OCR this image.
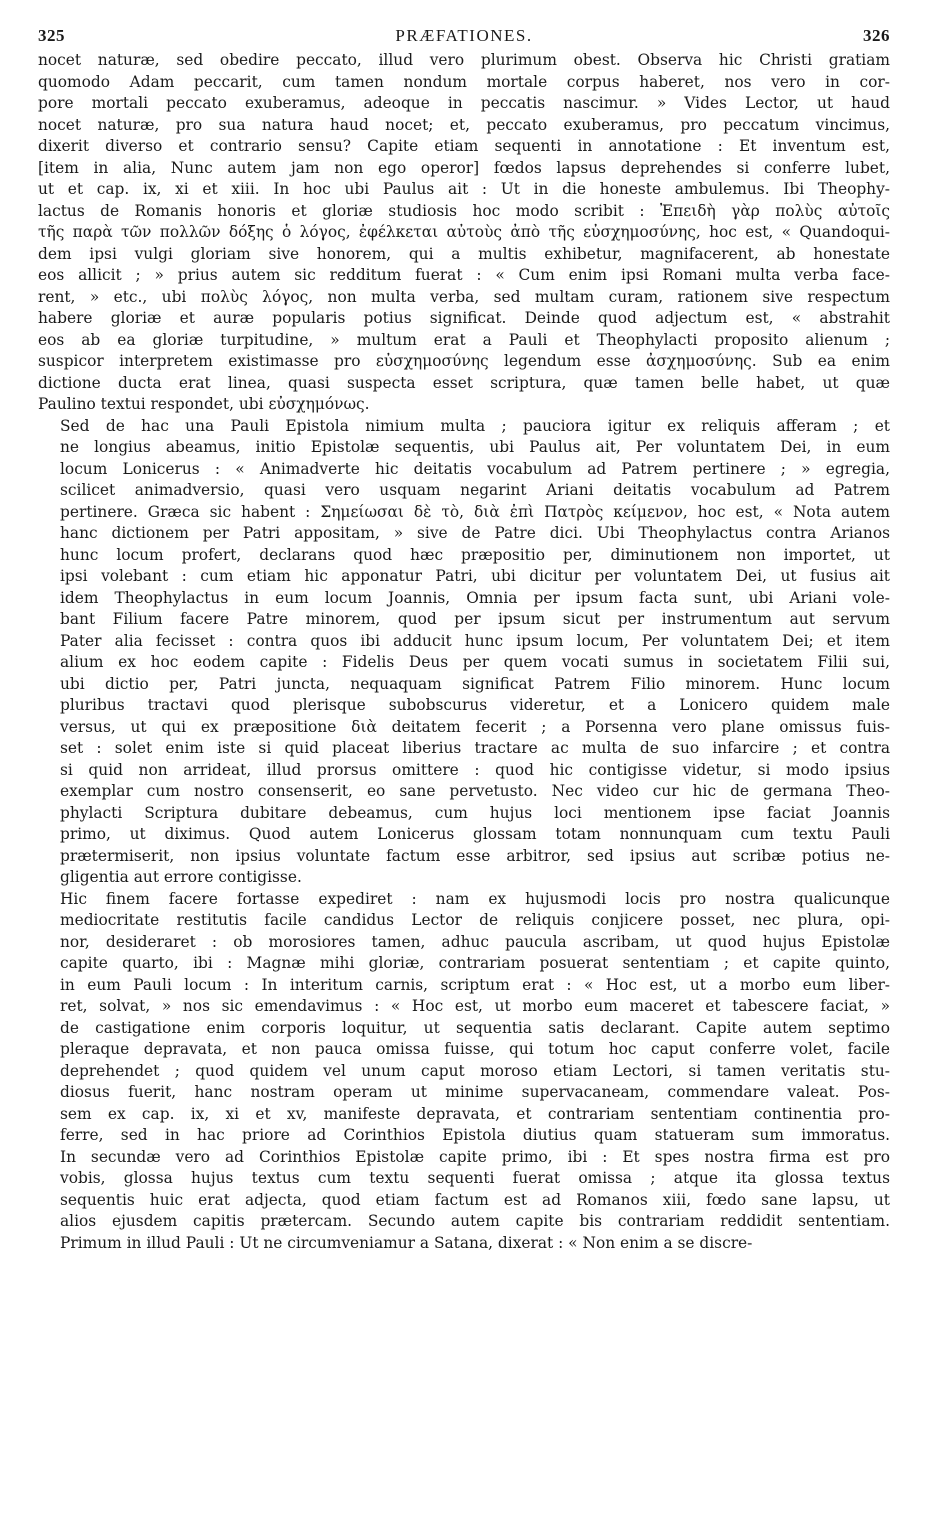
325	PRÆFATIONES.	326
nocet naturæ, sed obedire peccato, illud vero plurimum obest. Observa hic Christi gratiam
quomodo Adam peccarit, cum tamen nondum mortale corpus haberet, nos vero in cor-
pore mortali peccato exuberamus, adeoque in peccatis nascimur. » Vides Lector, ut haud
nocet naturæ, pro sua natura haud nocet; et, peccato exuberamus, pro peccatum vincimus,
dixerit diverso et contrario sensu? Capite etiam sequenti in annotatione : Et inventum est,
[item in alia, Nunc autem jam non ego operor] fœdos lapsus deprehendes si conferre lubet,
ut et cap. ix, xi et xiii. In hoc ubi Paulus ait : Ut in die honeste ambulemus. Ibi Theophy-
lactus de Romanis honoris et gloriæ studiosis hoc modo scribit : Ἐπειδὴ γὰρ πολὺς αὐτοῖς
τῆς παρὰ τῶν πολλῶν δόξης ὁ λόγος, ἐφέλκεται αὐτοὺς ἀπὸ τῆς εὐσχημοσύνης, hoc est, « Quandoqui-
dem ipsi vulgi gloriam sive honorem, qui a multis exhibetur, magnifacerent, ab honestate
eos allicit ; » prius autem sic redditum fuerat : « Cum enim ipsi Romani multa verba face-
rent, » etc., ubi πολὺς λόγος, non multa verba, sed multam curam, rationem sive respectum
habere gloriæ et auræ popularis potius significat. Deinde quod adjectum est, « abstrahit
eos ab ea gloriæ turpitudine, » multum erat a Pauli et Theophylacti proposito alienum ;
suspicor interpretem existimasse pro εὐσχημοσύνης legendum esse ἀσχημοσύνης. Sub ea enim
dictione ducta erat linea, quasi suspecta esset scriptura, quæ tamen belle habet, ut quæ
Paulino textui respondet, ubi εὐσχημόνως.
Sed de hac una Pauli Epistola nimium multa ; pauciora igitur ex reliquis afferam ; et
ne longius abeamus, initio Epistolæ sequentis, ubi Paulus ait, Per voluntatem Dei, in eum
locum Lonicerus : « Animadverte hic deitatis vocabulum ad Patrem pertinere ; » egregia,
scilicet animadversio, quasi vero usquam negarint Ariani deitatis vocabulum ad Patrem
pertinere. Græca sic habent : Σημείωσαι δὲ τὸ, διὰ ἐπὶ Πατρὸς κείμενον, hoc est, « Nota autem
hanc dictionem per Patri appositam, » sive de Patre dici. Ubi Theophylactus contra Arianos
hunc locum profert, declarans quod hæc præpositio per, diminutionem non importet, ut
ipsi volebant : cum etiam hic apponatur Patri, ubi dicitur per voluntatem Dei, ut fusius ait
idem Theophylactus in eum locum Joannis, Omnia per ipsum facta sunt, ubi Ariani vole-
bant Filium facere Patre minorem, quod per ipsum sicut per instrumentum aut servum
Pater alia fecisset : contra quos ibi adducit hunc ipsum locum, Per voluntatem Dei; et item
alium ex hoc eodem capite : Fidelis Deus per quem vocati sumus in societatem Filii sui,
ubi dictio per, Patri juncta, nequaquam significat Patrem Filio minorem. Hunc locum
pluribus tractavi quod plerisque subobscurus videretur, et a Lonicero quidem male
versus, ut qui ex præpositione διὰ deitatem fecerit ; a Porsenna vero plane omissus fuis-
set : solet enim iste si quid placeat liberius tractare ac multa de suo infarcire ; et contra
si quid non arrideat, illud prorsus omittere : quod hic contigisse videtur, si modo ipsius
exemplar cum nostro consenserit, eo sane pervetusto. Nec video cur hic de germana Theo-
phylacti Scriptura dubitare debeamus, cum hujus loci mentionem ipse faciat Joannis
primo, ut diximus. Quod autem Lonicerus glossam totam nonnunquam cum textu Pauli
prætermiserit, non ipsius voluntate factum esse arbitror, sed ipsius aut scribæ potius ne-
gligentia aut errore contigisse.
Hic finem facere fortasse expediret : nam ex hujusmodi locis pro nostra qualicunque
mediocritate restitutis facile candidus Lector de reliquis conjicere posset, nec plura, opi-
nor, desideraret : ob morosiores tamen, adhuc paucula ascribam, ut quod hujus Epistolæ
capite quarto, ibi : Magnæ mihi gloriæ, contrariam posuerat sententiam ; et capite quinto,
in eum Pauli locum : In interitum carnis, scriptum erat : « Hoc est, ut a morbo eum liber-
ret, solvat, » nos sic emendavimus : « Hoc est, ut morbo eum maceret et tabescere faciat, »
de castigatione enim corporis loquitur, ut sequentia satis declarant. Capite autem septimo
pleraque depravata, et non pauca omissa fuisse, qui totum hoc caput conferre volet, facile
deprehendet ; quod quidem vel unum caput moroso etiam Lectori, si tamen veritatis stu-
diosus fuerit, hanc nostram operam ut minime supervacaneam, commendare valeat. Pos-
sem ex cap. ix, xi et xv, manifeste depravata, et contrariam sententiam continentia pro-
ferre, sed in hac priore ad Corinthios Epistola diutius quam statueram sum immoratus.
In secundæ vero ad Corinthios Epistolæ capite primo, ibi : Et spes nostra firma est pro
vobis, glossa hujus textus cum textu sequenti fuerat omissa ; atque ita glossa textus
sequentis huic erat adjecta, quod etiam factum est ad Romanos xiii, fœdo sane lapsu, ut
alios ejusdem capitis prætercam. Secundo autem capite bis contrariam reddidit sententiam.
Primum in illud Pauli : Ut ne circumveniamur a Satana, dixerat : « Non enim a se discre-
